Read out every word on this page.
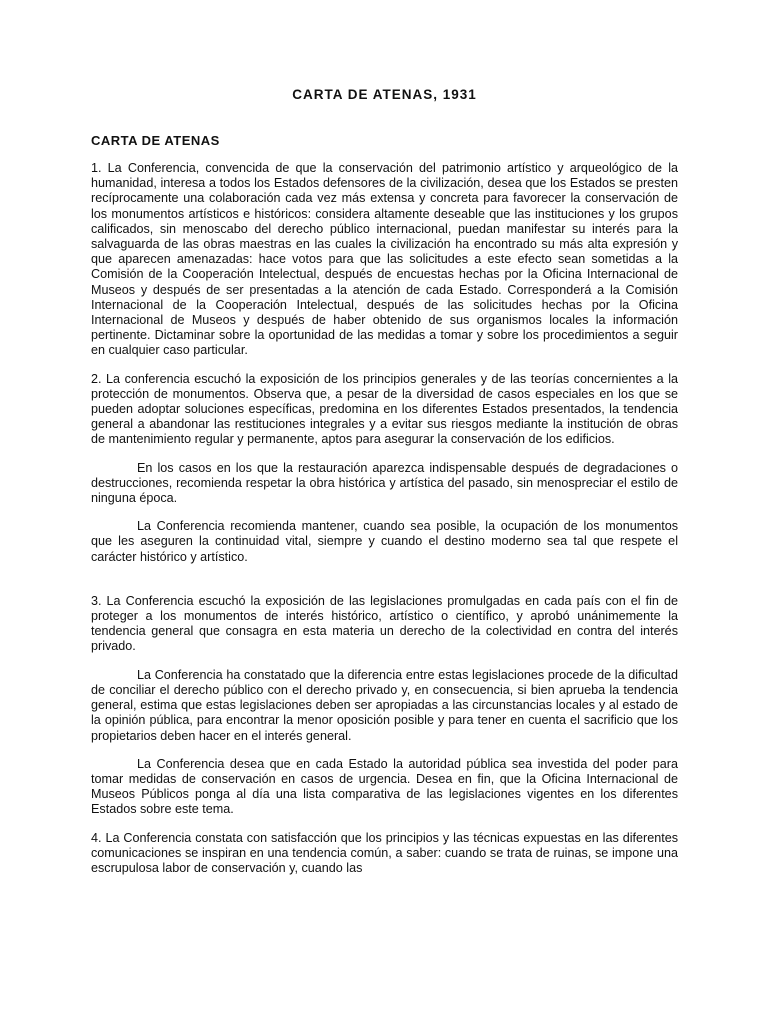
CARTA DE ATENAS, 1931
CARTA DE ATENAS

1. La Conferencia, convencida de que la conservación del patrimonio artístico y arqueológico de la humanidad, interesa a todos los Estados defensores de la civilización, desea que los Estados se presten recíprocamente una colaboración cada vez más extensa y concreta para favorecer la conservación de los monumentos artísticos e históricos: considera altamente deseable que las instituciones y los grupos calificados, sin menoscabo del derecho público internacional, puedan manifestar su interés para la salvaguarda de las obras maestras en las cuales la civilización ha encontrado su más alta expresión y que aparecen amenazadas: hace votos para que las solicitudes a este efecto sean sometidas a la Comisión de la Cooperación Intelectual, después de encuestas hechas por la Oficina Internacional de Museos y después de ser presentadas a la atención de cada Estado. Corresponderá a la Comisión Internacional de la Cooperación Intelectual, después de las solicitudes hechas por la Oficina Internacional de Museos y después de haber obtenido de sus organismos locales la información pertinente. Dictaminar sobre la oportunidad de las medidas a tomar y sobre los procedimientos a seguir en cualquier caso particular.

2. La conferencia escuchó la exposición de los principios generales y de las teorías concernientes a la protección de monumentos. Observa que, a pesar de la diversidad de casos especiales en los que se pueden adoptar soluciones específicas, predomina en los diferentes Estados presentados, la tendencia general a abandonar las restituciones integrales y a evitar sus riesgos mediante la institución de obras de mantenimiento regular y permanente, aptos para asegurar la conservación de los edificios.

En los casos en los que la restauración aparezca indispensable después de degradaciones o destrucciones, recomienda respetar la obra histórica y artística del pasado, sin menospreciar el estilo de ninguna época.

La Conferencia recomienda mantener, cuando sea posible, la ocupación de los monumentos que les aseguren la continuidad vital, siempre y cuando el destino moderno sea tal que respete el carácter histórico y artístico.

3. La Conferencia escuchó la exposición de las legislaciones promulgadas en cada país con el fin de proteger a los monumentos de interés histórico, artístico o científico, y aprobó unánimemente la tendencia general que consagra en esta materia un derecho de la colectividad en contra del interés privado.

La Conferencia ha constatado que la diferencia entre estas legislaciones procede de la dificultad de conciliar el derecho público con el derecho privado y, en consecuencia, si bien aprueba la tendencia general, estima que estas legislaciones deben ser apropiadas a las circunstancias locales y al estado de la opinión pública, para encontrar la menor oposición posible y para tener en cuenta el sacrificio que los propietarios deben hacer en el interés general.

La Conferencia desea que en cada Estado la autoridad pública sea investida del poder para tomar medidas de conservación en casos de urgencia. Desea en fin, que la Oficina Internacional de Museos Públicos ponga al día una lista comparativa de las legislaciones vigentes en los diferentes Estados sobre este tema.

4. La Conferencia constata con satisfacción que los principios y las técnicas expuestas en las diferentes comunicaciones se inspiran en una tendencia común, a saber: cuando se trata de ruinas, se impone una escrupulosa labor de conservación y, cuando las
